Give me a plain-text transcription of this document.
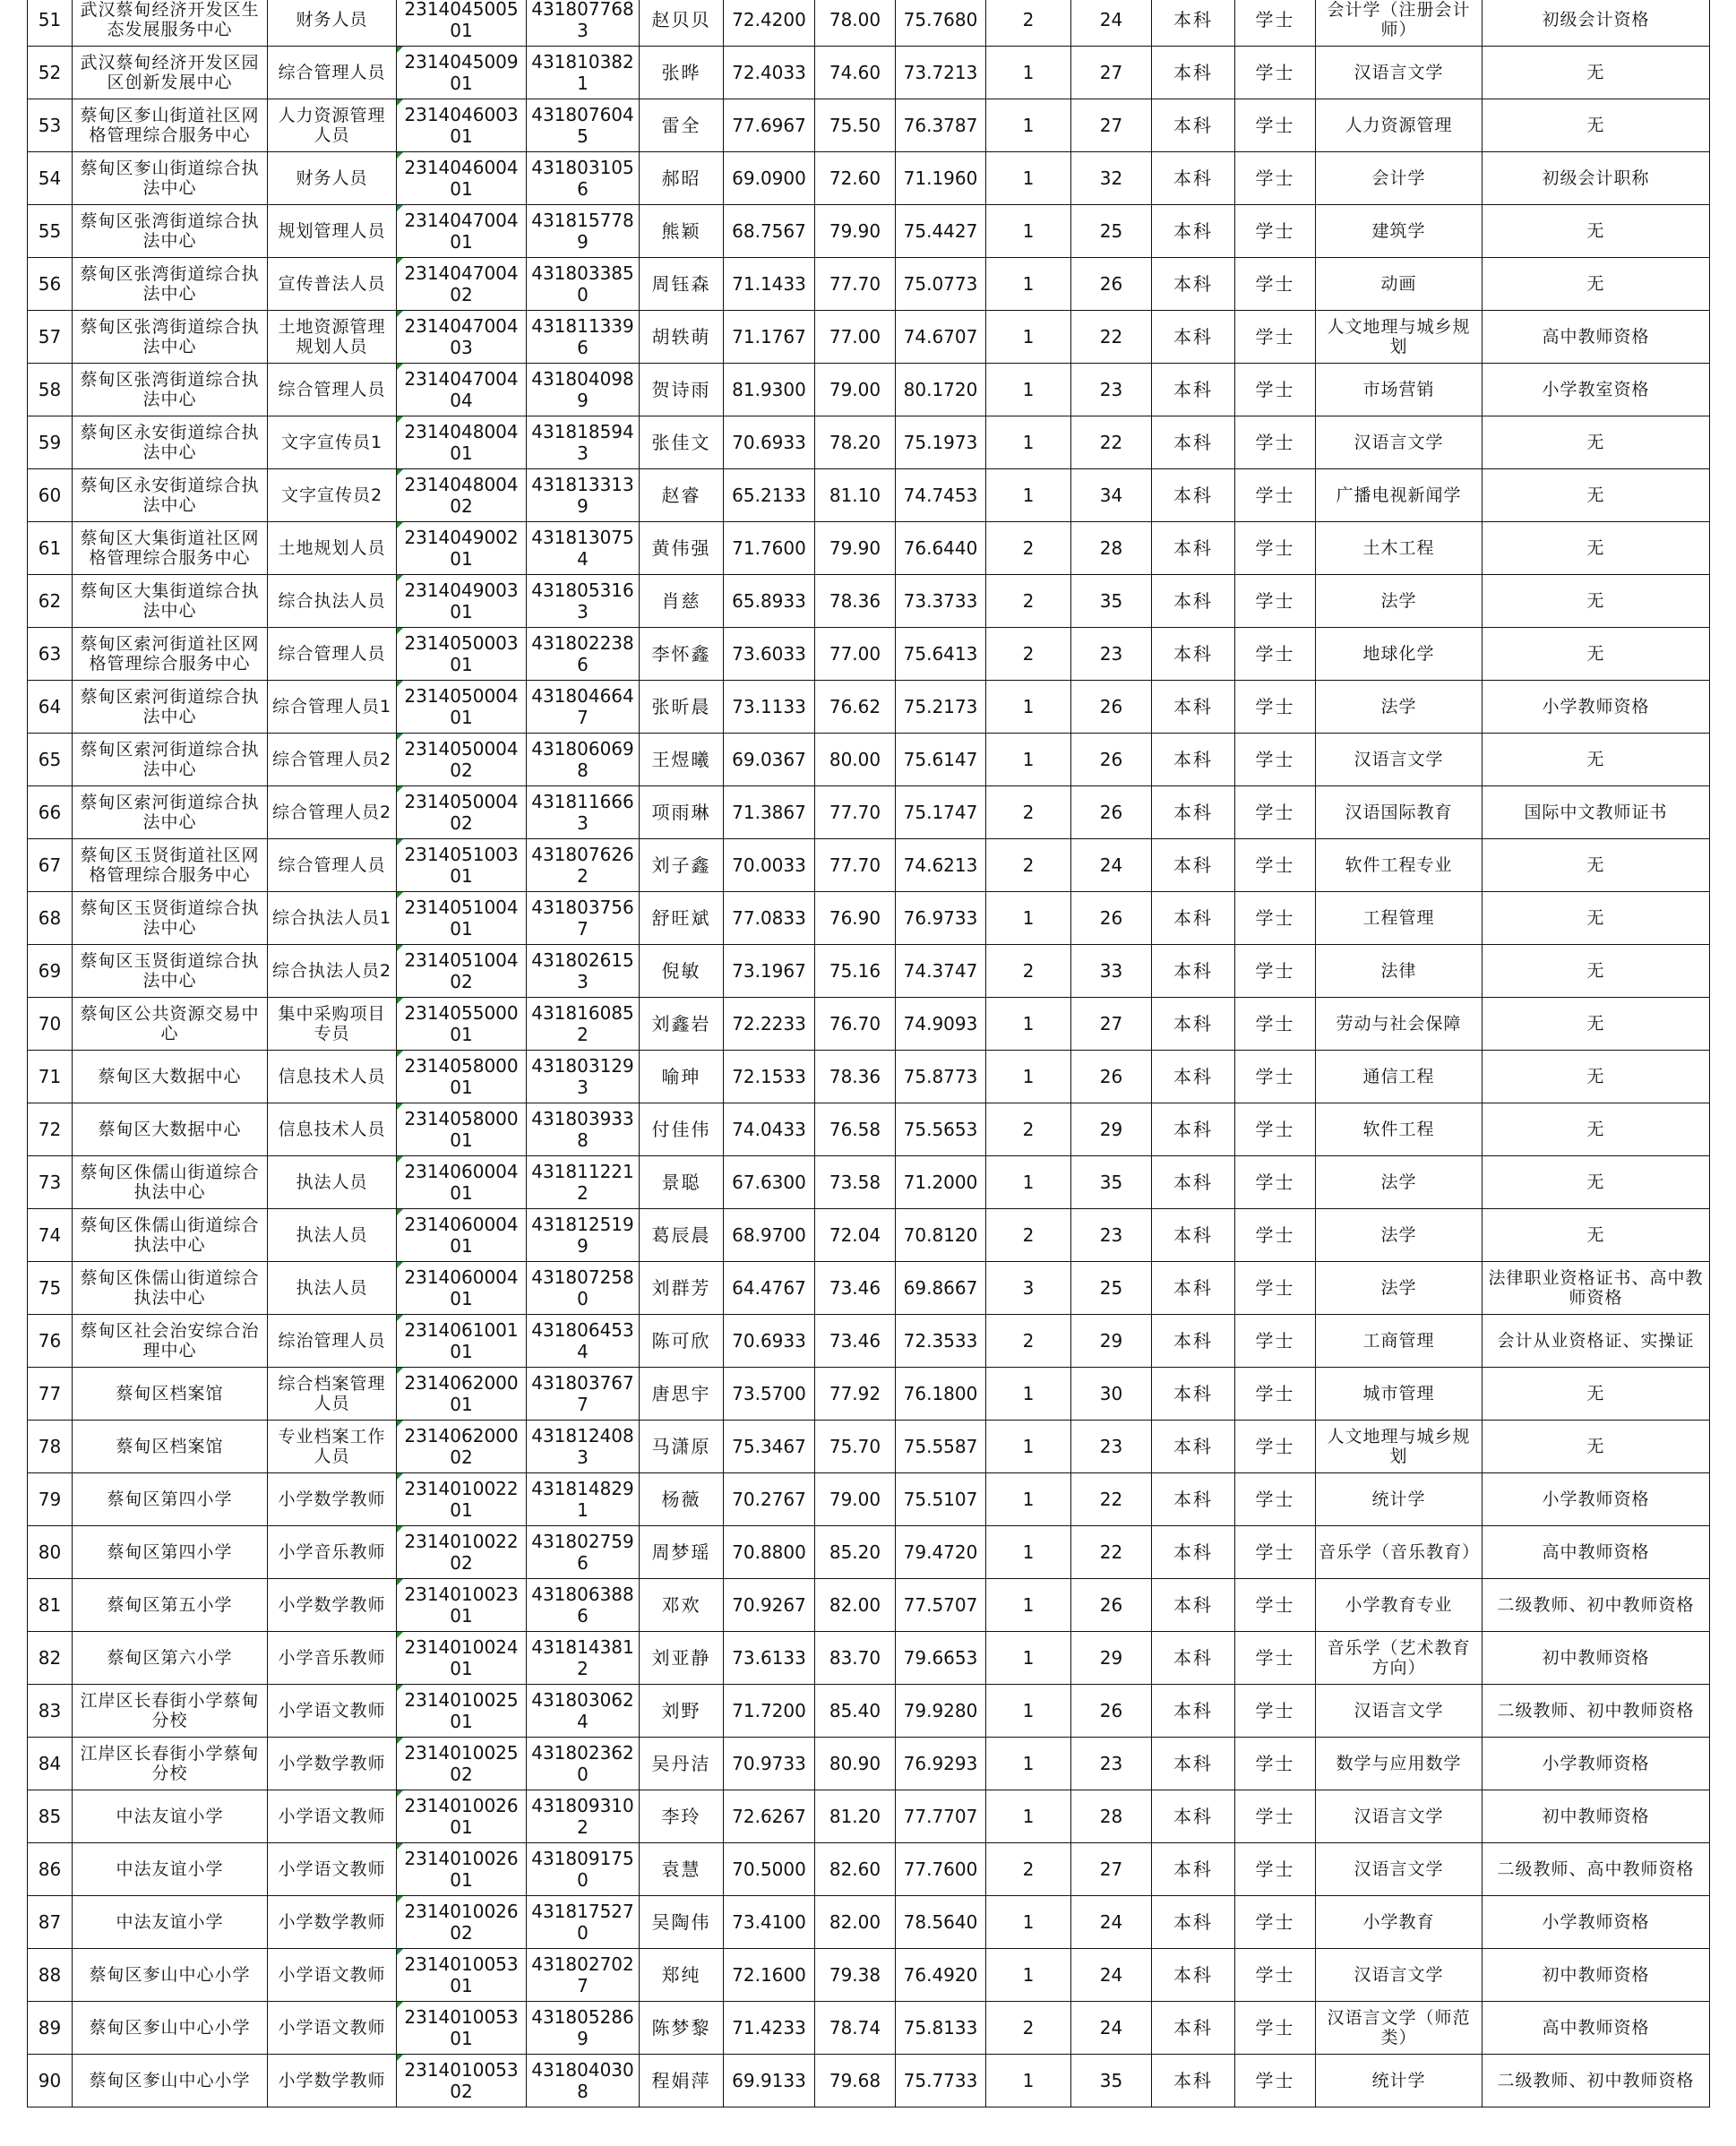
51	武汉蔡甸经济开发区生态发展服务中心	财务人员	231404500501	4318077683	赵贝贝	72.4200	78.00	75.7680	2	24	本科	学士	会计学（注册会计师）	初级会计资格
52	武汉蔡甸经济开发区园区创新发展中心	综合管理人员	231404500901	4318103821	张晔	72.4033	74.60	73.7213	1	27	本科	学士	汉语言文学	无
53	蔡甸区奓山街道社区网格管理综合服务中心	人力资源管理人员	231404600301	4318076045	雷全	77.6967	75.50	76.3787	1	27	本科	学士	人力资源管理	无
54	蔡甸区奓山街道综合执法中心	财务人员	231404600401	4318031056	郝昭	69.0900	72.60	71.1960	1	32	本科	学士	会计学	初级会计职称
55	蔡甸区张湾街道综合执法中心	规划管理人员	231404700401	4318157789	熊颖	68.7567	79.90	75.4427	1	25	本科	学士	建筑学	无
56	蔡甸区张湾街道综合执法中心	宣传普法人员	231404700402	4318033850	周钰森	71.1433	77.70	75.0773	1	26	本科	学士	动画	无
57	蔡甸区张湾街道综合执法中心	土地资源管理规划人员	231404700403	4318113396	胡轶萌	71.1767	77.00	74.6707	1	22	本科	学士	人文地理与城乡规划	高中教师资格
58	蔡甸区张湾街道综合执法中心	综合管理人员	231404700404	4318040989	贺诗雨	81.9300	79.00	80.1720	1	23	本科	学士	市场营销	小学教室资格
59	蔡甸区永安街道综合执法中心	文字宣传员1	231404800401	4318185943	张佳文	70.6933	78.20	75.1973	1	22	本科	学士	汉语言文学	无
60	蔡甸区永安街道综合执法中心	文字宣传员2	231404800402	4318133139	赵睿	65.2133	81.10	74.7453	1	34	本科	学士	广播电视新闻学	无
61	蔡甸区大集街道社区网格管理综合服务中心	土地规划人员	231404900201	4318130754	黄伟强	71.7600	79.90	76.6440	2	28	本科	学士	土木工程	无
62	蔡甸区大集街道综合执法中心	综合执法人员	231404900301	4318053163	肖慈	65.8933	78.36	73.3733	2	35	本科	学士	法学	无
63	蔡甸区索河街道社区网格管理综合服务中心	综合管理人员	231405000301	4318022386	李怀鑫	73.6033	77.00	75.6413	2	23	本科	学士	地球化学	无
64	蔡甸区索河街道综合执法中心	综合管理人员1	231405000401	4318046647	张昕晨	73.1133	76.62	75.2173	1	26	本科	学士	法学	小学教师资格
65	蔡甸区索河街道综合执法中心	综合管理人员2	231405000402	4318060698	王煜曦	69.0367	80.00	75.6147	1	26	本科	学士	汉语言文学	无
66	蔡甸区索河街道综合执法中心	综合管理人员2	231405000402	4318116663	项雨琳	71.3867	77.70	75.1747	2	26	本科	学士	汉语国际教育	国际中文教师证书
67	蔡甸区玉贤街道社区网格管理综合服务中心	综合管理人员	231405100301	4318076262	刘子鑫	70.0033	77.70	74.6213	2	24	本科	学士	软件工程专业	无
68	蔡甸区玉贤街道综合执法中心	综合执法人员1	231405100401	4318037567	舒旺斌	77.0833	76.90	76.9733	1	26	本科	学士	工程管理	无
69	蔡甸区玉贤街道综合执法中心	综合执法人员2	231405100402	4318026153	倪敏	73.1967	75.16	74.3747	2	33	本科	学士	法律	无
70	蔡甸区公共资源交易中心	集中采购项目专员	231405500001	4318160852	刘鑫岩	72.2233	76.70	74.9093	1	27	本科	学士	劳动与社会保障	无
71	蔡甸区大数据中心	信息技术人员	231405800001	4318031293	喻珅	72.1533	78.36	75.8773	1	26	本科	学士	通信工程	无
72	蔡甸区大数据中心	信息技术人员	231405800001	4318039338	付佳伟	74.0433	76.58	75.5653	2	29	本科	学士	软件工程	无
73	蔡甸区侏儒山街道综合执法中心	执法人员	231406000401	4318112212	景聪	67.6300	73.58	71.2000	1	35	本科	学士	法学	无
74	蔡甸区侏儒山街道综合执法中心	执法人员	231406000401	4318125199	葛辰晨	68.9700	72.04	70.8120	2	23	本科	学士	法学	无
75	蔡甸区侏儒山街道综合执法中心	执法人员	231406000401	4318072580	刘群芳	64.4767	73.46	69.8667	3	25	本科	学士	法学	法律职业资格证书、高中教师资格
76	蔡甸区社会治安综合治理中心	综治管理人员	231406100101	4318064534	陈可欣	70.6933	73.46	72.3533	2	29	本科	学士	工商管理	会计从业资格证、实操证
77	蔡甸区档案馆	综合档案管理人员	231406200001	4318037677	唐思宇	73.5700	77.92	76.1800	1	30	本科	学士	城市管理	无
78	蔡甸区档案馆	专业档案工作人员	231406200002	4318124083	马潇原	75.3467	75.70	75.5587	1	23	本科	学士	人文地理与城乡规划	无
79	蔡甸区第四小学	小学数学教师	231401002201	4318148291	杨薇	70.2767	79.00	75.5107	1	22	本科	学士	统计学	小学教师资格
80	蔡甸区第四小学	小学音乐教师	231401002202	4318027596	周梦瑶	70.8800	85.20	79.4720	1	22	本科	学士	音乐学（音乐教育）	高中教师资格
81	蔡甸区第五小学	小学数学教师	231401002301	4318063886	邓欢	70.9267	82.00	77.5707	1	26	本科	学士	小学教育专业	二级教师、初中教师资格
82	蔡甸区第六小学	小学音乐教师	231401002401	4318143812	刘亚静	73.6133	83.70	79.6653	1	29	本科	学士	音乐学（艺术教育方向）	初中教师资格
83	江岸区长春街小学蔡甸分校	小学语文教师	231401002501	4318030624	刘野	71.7200	85.40	79.9280	1	26	本科	学士	汉语言文学	二级教师、初中教师资格
84	江岸区长春街小学蔡甸分校	小学数学教师	231401002502	4318023620	吴丹洁	70.9733	80.90	76.9293	1	23	本科	学士	数学与应用数学	小学教师资格
85	中法友谊小学	小学语文教师	231401002601	4318093102	李玲	72.6267	81.20	77.7707	1	28	本科	学士	汉语言文学	初中教师资格
86	中法友谊小学	小学语文教师	231401002601	4318091750	袁慧	70.5000	82.60	77.7600	2	27	本科	学士	汉语言文学	二级教师、高中教师资格
87	中法友谊小学	小学数学教师	231401002602	4318175270	吴陶伟	73.4100	82.00	78.5640	1	24	本科	学士	小学教育	小学教师资格
88	蔡甸区奓山中心小学	小学语文教师	231401005301	4318027027	郑纯	72.1600	79.38	76.4920	1	24	本科	学士	汉语言文学	初中教师资格
89	蔡甸区奓山中心小学	小学语文教师	231401005301	4318052869	陈梦黎	71.4233	78.74	75.8133	2	24	本科	学士	汉语言文学（师范类）	高中教师资格
90	蔡甸区奓山中心小学	小学数学教师	231401005302	4318040308	程娟萍	69.9133	79.68	75.7733	1	35	本科	学士	统计学	二级教师、初中教师资格
